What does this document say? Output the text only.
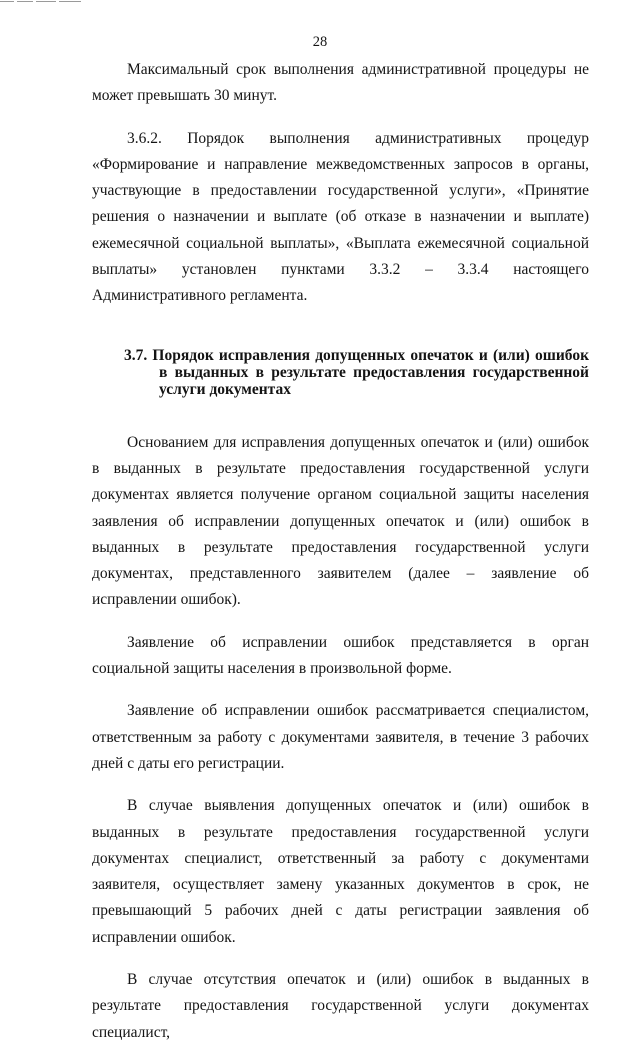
28

Максимальный срок выполнения административной процедуры не может превышать 30 минут.

3.6.2. Порядок выполнения административных процедур «Формирование и направление межведомственных запросов в органы, участвующие в предоставлении государственной услуги», «Принятие решения о назначении и выплате (об отказе в назначении и выплате) ежемесячной социальной выплаты», «Выплата ежемесячной социальной выплаты» установлен пунктами 3.3.2 – 3.3.4 настоящего Административного регламента.

3.7. Порядок исправления допущенных опечаток и (или) ошибок
в выданных в результате предоставления государственной
услуги документах

Основанием для исправления допущенных опечаток и (или) ошибок в выданных в результате предоставления государственной услуги документах является получение органом социальной защиты населения заявления об исправлении допущенных опечаток и (или) ошибок в выданных в результате предоставления государственной услуги документах, представленного заявителем (далее – заявление об исправлении ошибок).

Заявление об исправлении ошибок представляется в орган социальной защиты населения в произвольной форме.

Заявление об исправлении ошибок рассматривается специалистом, ответственным за работу с документами заявителя, в течение 3 рабочих дней с даты его регистрации.

В случае выявления допущенных опечаток и (или) ошибок в выданных в результате предоставления государственной услуги документах специалист, ответственный за работу с документами заявителя, осуществляет замену указанных документов в срок, не превышающий 5 рабочих дней с даты регистрации заявления об исправлении ошибок.

В случае отсутствия опечаток и (или) ошибок в выданных в результате предоставления государственной услуги документах специалист,
